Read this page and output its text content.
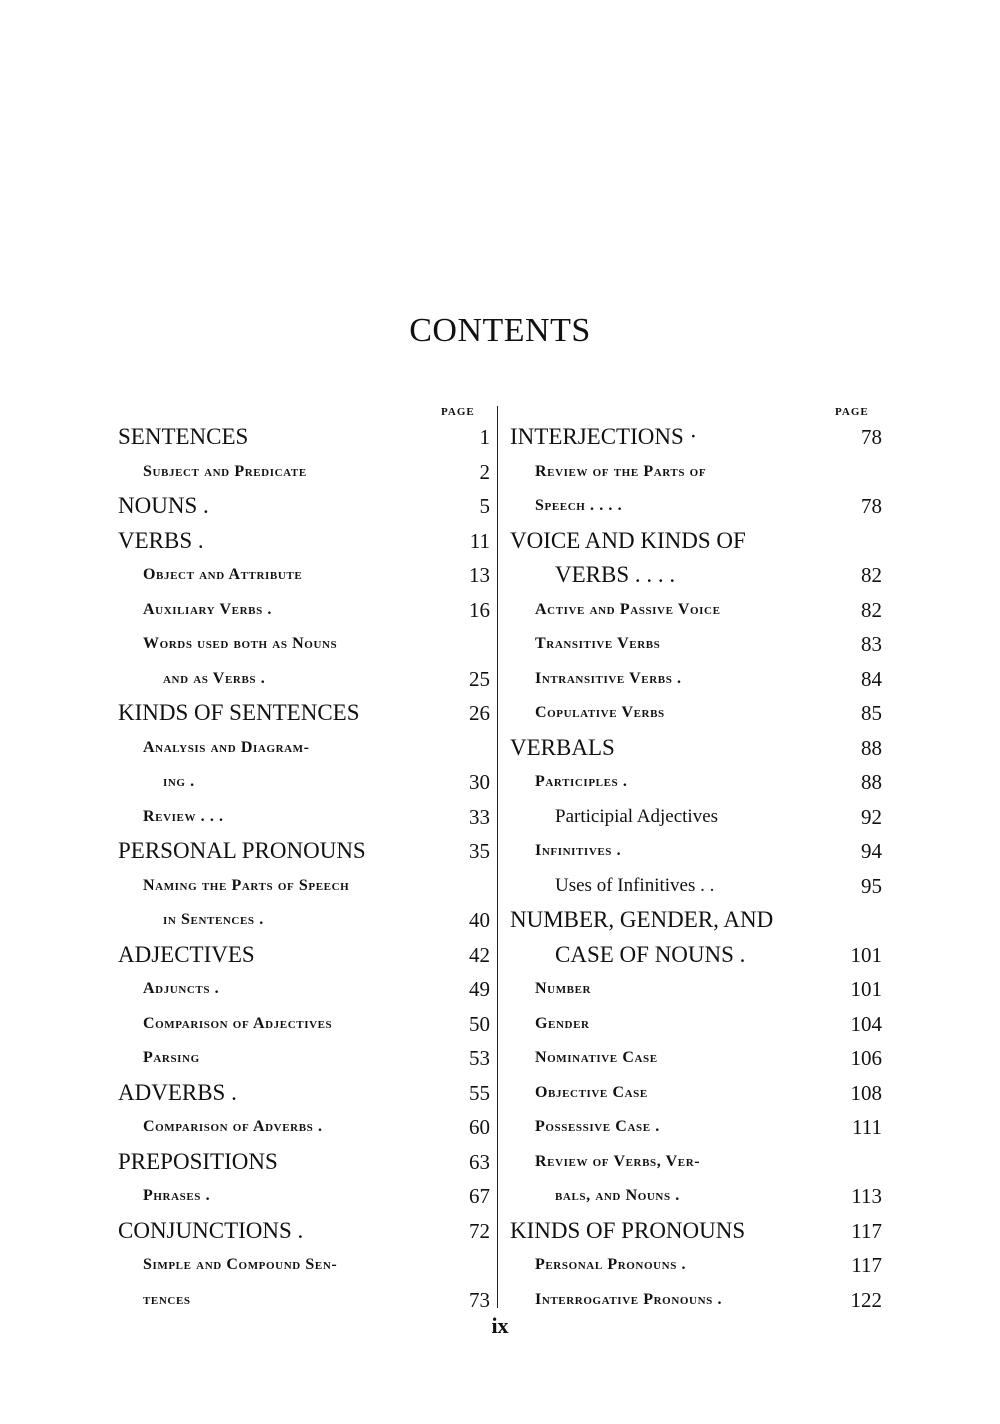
CONTENTS
PAGE	PAGE
SENTENCES	1
Subject and Predicate	2
NOUNS .	5
VERBS .	11
Object and Attribute	13
Auxiliary Verbs .	16
Words used both as Nouns
and as Verbs .	25
KINDS OF SENTENCES	26
Analysis and Diagram-
ing .	30
Review . . .	33
PERSONAL PRONOUNS	35
Naming the Parts of Speech
in Sentences .	40
ADJECTIVES	42
Adjuncts .	49
Comparison of Adjectives	50
Parsing	53
ADVERBS .	55
Comparison of Adverbs .	60
PREPOSITIONS	63
Phrases .	67
CONJUNCTIONS .	72
Simple and Compound Sen-
tences	73
INTERJECTIONS ·	78
Review of the Parts of
Speech . . . .	78
VOICE AND KINDS OF
VERBS . . . .	82
Active and Passive Voice	82
Transitive Verbs	83
Intransitive Verbs .	84
Copulative Verbs	85
VERBALS	88
Participles .	88
Participial Adjectives	92
Infinitives .	94
Uses of Infinitives . .	95
NUMBER, GENDER, AND
CASE OF NOUNS .	101
Number	101
Gender	104
Nominative Case	106
Objective Case	108
Possessive Case .	111
Review of Verbs, Ver-
bals, and Nouns .	113
KINDS OF PRONOUNS	117
Personal Pronouns .	117
Interrogative Pronouns .	122
ix
